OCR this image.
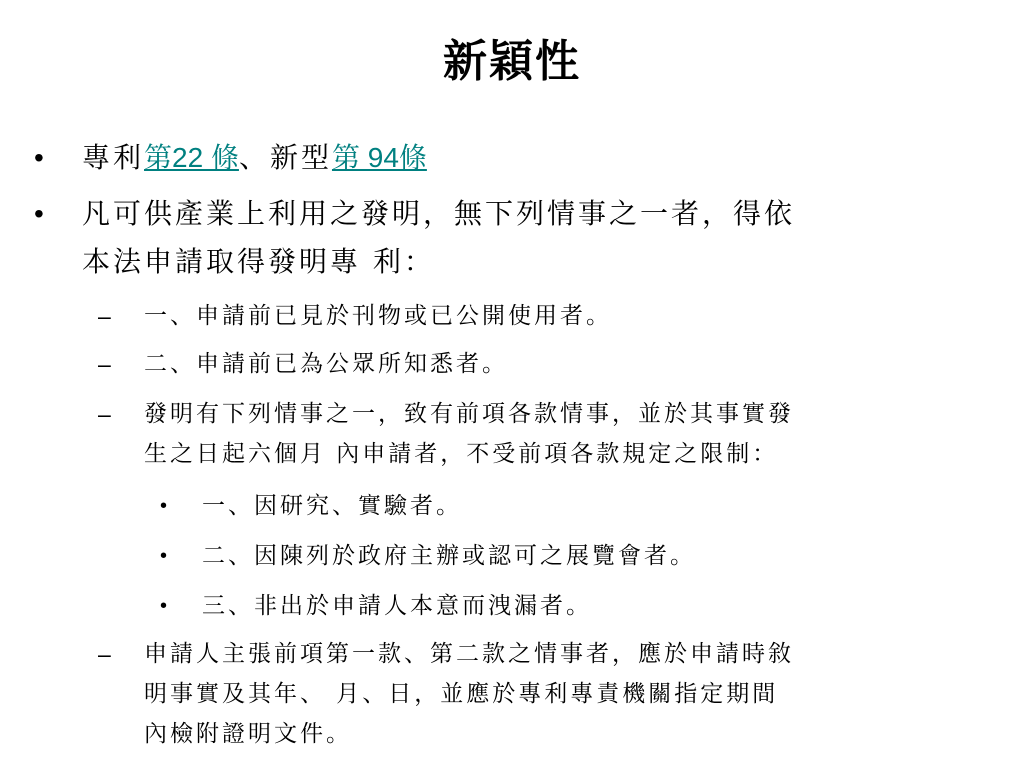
新穎性
• 專利第22 條、新型第 94條
• 凡可供產業上利用之發明，無下列情事之一者，得依
本法申請取得發明專 利：
– 一、申請前已見於刊物或已公開使用者。
– 二、申請前已為公眾所知悉者。
– 發明有下列情事之一，致有前項各款情事，並於其事實發
生之日起六個月 內申請者，不受前項各款規定之限制：
• 一、因研究、實驗者。
• 二、因陳列於政府主辦或認可之展覽會者。
• 三、非出於申請人本意而洩漏者。
– 申請人主張前項第一款、第二款之情事者，應於申請時敘
明事實及其年、 月、日，並應於專利專責機關指定期間
內檢附證明文件。
